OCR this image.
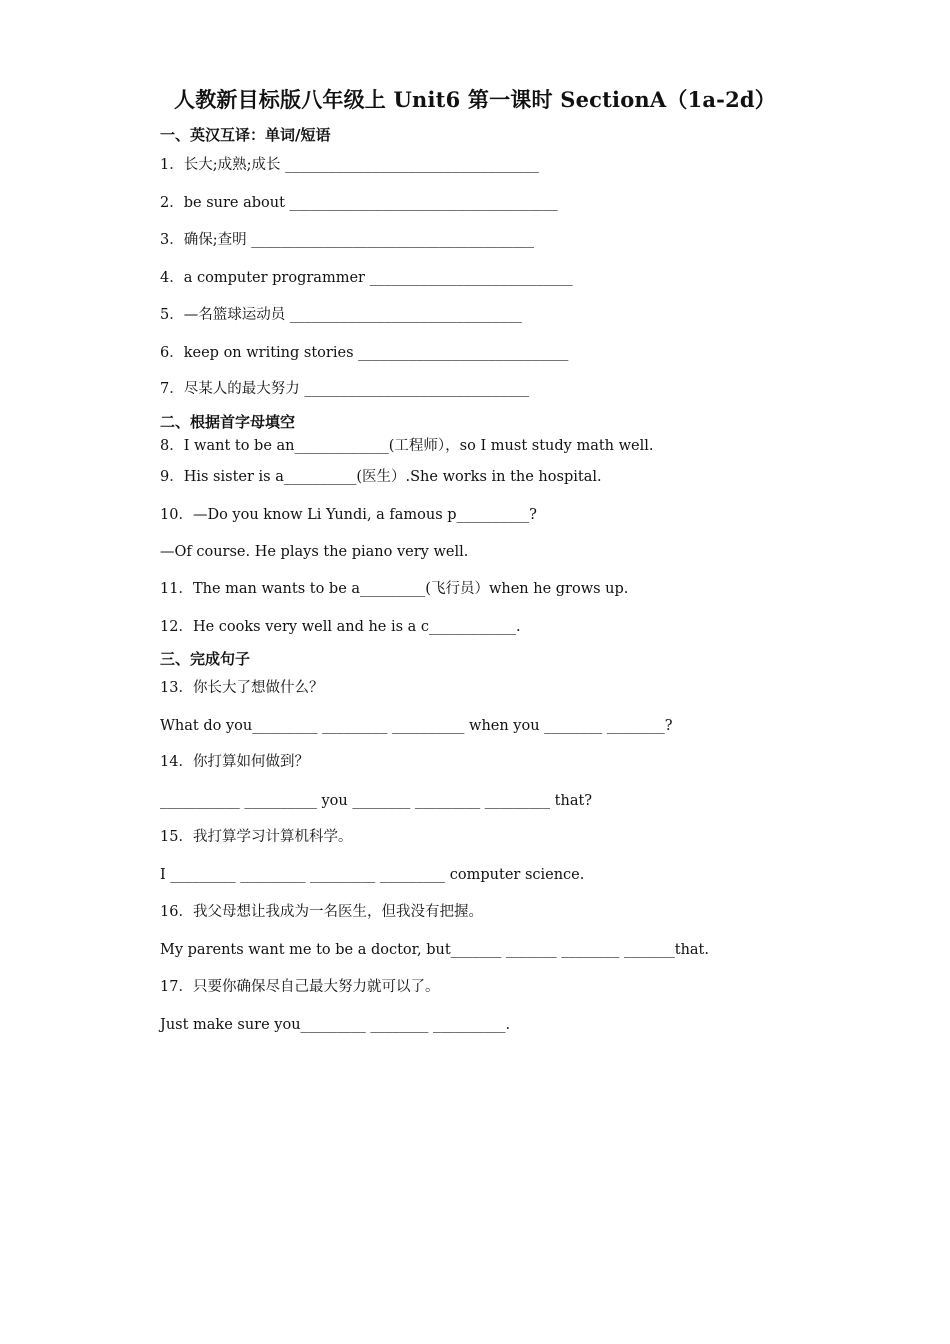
人教新目标版八年级上 Unit6 第一课时 SectionA（1a-2d）
一、英汉互译：单词/短语
1．长大;成熟;成长 ___________________________________
2．be sure about _____________________________________
3．确保;查明 _______________________________________
4．a computer programmer ____________________________
5．—名篮球运动员 ________________________________
6．keep on writing stories _____________________________
7．尽某人的最大努力 _______________________________
二、根据首字母填空
8．I want to be an_____________(工程师），so I must study math well.
9．His sister is a__________(医生）.She works in the hospital.
10．—Do you know Li Yundi, a famous p__________?
—Of course. He plays the piano very well.
11．The man wants to be a_________(飞行员）when he grows up.
12．He cooks very well and he is a c____________.
三、完成句子
13．你长大了想做什么？
What do you_________ _________ __________ when you ________ ________?
14．你打算如何做到？
___________ __________ you ________ _________ _________ that?
15．我打算学习计算机科学。
I _________ _________ _________ _________ computer science.
16．我父母想让我成为一名医生，但我没有把握。
My parents want me to be a doctor, but_______ _______ ________ _______that.
17．只要你确保尽自己最大努力就可以了。
Just make sure you_________ ________ __________.
